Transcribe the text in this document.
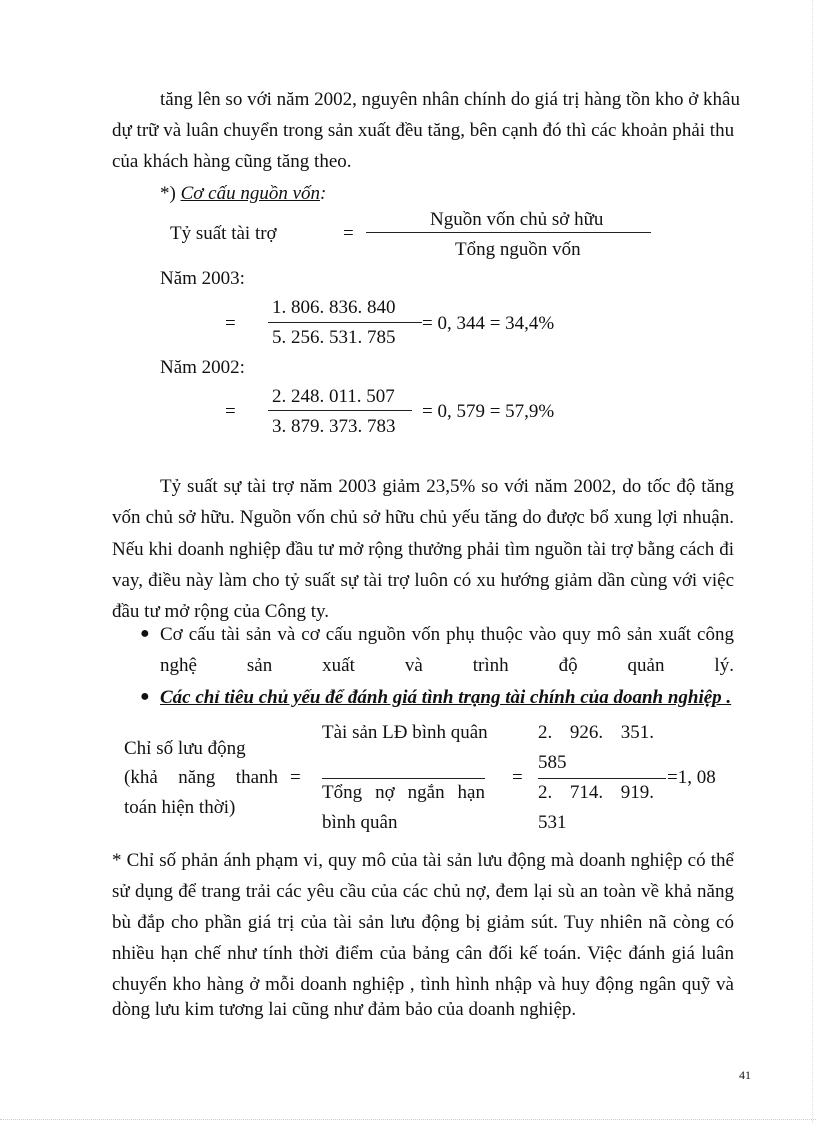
tăng lên so với năm 2002, nguyên nhân chính do giá trị hàng tồn kho ở khâu
dự trữ và luân chuyển trong sản xuất đều tăng, bên cạnh đó thì các khoản phải thu
của khách hàng cũng tăng theo.
*) Cơ cấu nguồn vốn:
Tỷ suất tài trợ	=
Nguồn vốn chủ sở hữu
Tổng nguồn vốn
Năm 2003:
=
1. 806. 836. 840
5. 256. 531. 785
= 0, 344 = 34,4%
Năm 2002:
=
2. 248. 011. 507
3. 879. 373. 783
= 0, 579 = 57,9%
Tỷ suất sự tài trợ năm 2003 giảm 23,5% so với năm 2002, do tốc độ tăng
vốn chủ sở hữu. Nguồn vốn chủ sở hữu chủ yếu tăng do được bổ xung lợi nhuận.
Nếu khi doanh nghiệp đầu tư mở rộng thưởng phải tìm nguồn tài trợ bằng cách đi
vay, điều này làm cho tỷ suất sự tài trợ luôn có xu hướng giảm dần cùng với việc
đầu tư mở rộng của Công ty.
● Cơ cấu tài sản và cơ cấu nguồn vốn phụ thuộc vào quy mô sản xuất công
nghệ	sản	xuất	và	trình	độ	quản	lý.
● Các chỉ tiêu chủ yếu để đánh giá tình trạng tài chính của doanh nghiệp .
Chỉ số lưu động
(khả năng thanh
toán hiện thời)
=
Tài sản LĐ bình quân
Tổng nợ ngắn hạn
bình quân
=
2. 926. 351.
585
2. 714. 919.
531
=1, 08
* Chỉ số phản ánh phạm vi, quy mô của tài sản lưu động mà doanh nghiệp có thể
sử dụng để trang trải các yêu cầu của các chủ nợ, đem lại sù an toàn về khả năng
bù đắp cho phần giá trị của tài sản lưu động bị giảm sút. Tuy nhiên nã còng có
nhiều hạn chế như tính thời điểm của bảng cân đối kế toán. Việc đánh giá luân
chuyển kho hàng ở mỗi doanh nghiệp , tình hình nhập và huy động ngân quỹ và
dòng lưu kim tương lai cũng như đảm bảo của doanh nghiệp.
41
